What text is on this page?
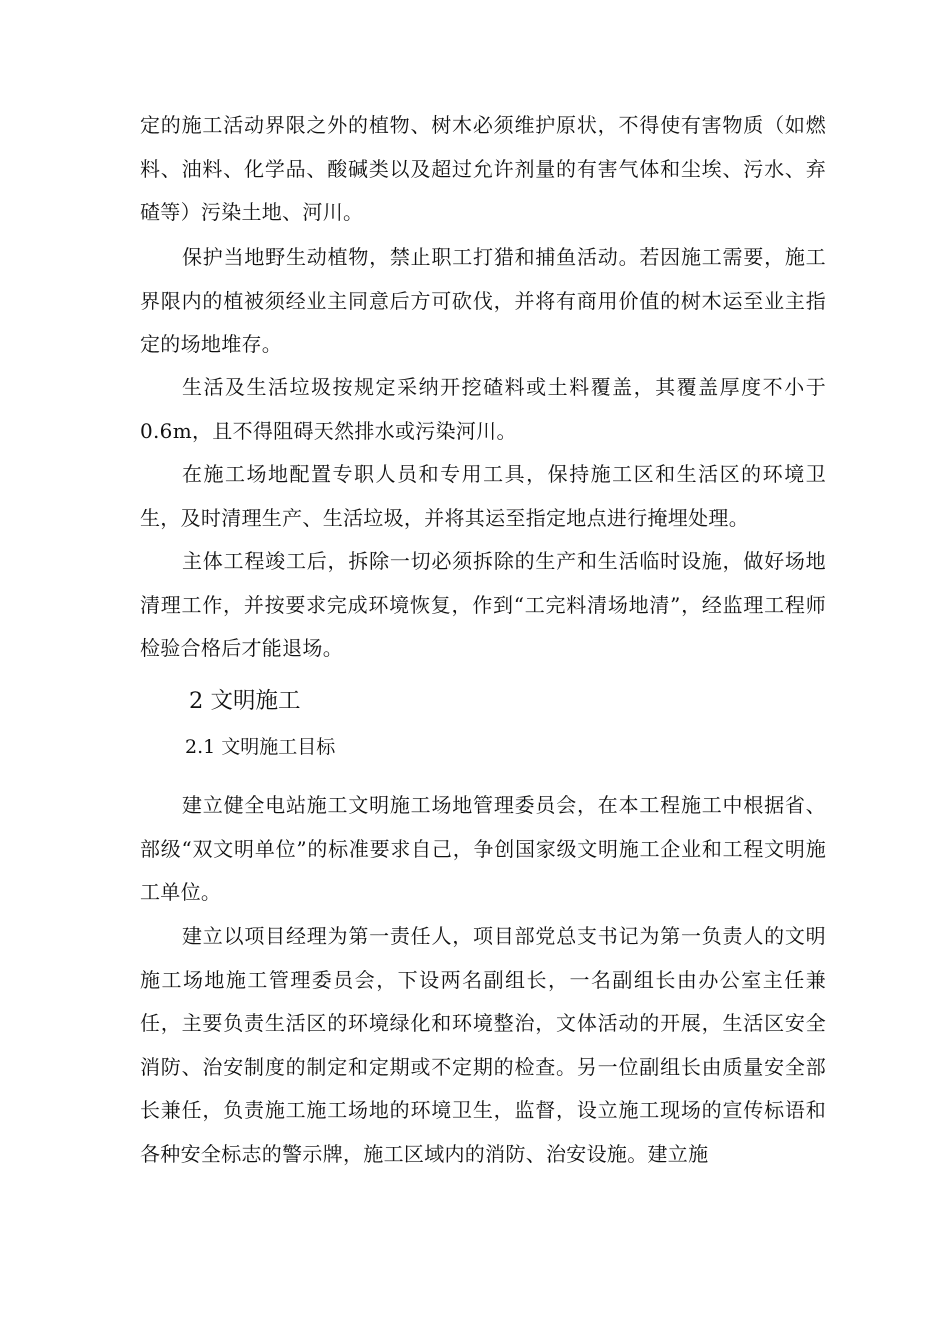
定的施工活动界限之外的植物、树木必须维护原状，不得使有害物质（如燃料、油料、化学品、酸碱类以及超过允许剂量的有害气体和尘埃、污水、弃碴等）污染土地、河川。

保护当地野生动植物，禁止职工打猎和捕鱼活动。若因施工需要，施工界限内的植被须经业主同意后方可砍伐，并将有商用价值的树木运至业主指定的场地堆存。

生活及生活垃圾按规定采纳开挖碴料或土料覆盖，其覆盖厚度不小于0.6m，且不得阻碍天然排水或污染河川。

在施工场地配置专职人员和专用工具，保持施工区和生活区的环境卫生，及时清理生产、生活垃圾，并将其运至指定地点进行掩埋处理。

主体工程竣工后，拆除一切必须拆除的生产和生活临时设施，做好场地清理工作，并按要求完成环境恢复，作到“工完料清场地清”，经监理工程师检验合格后才能退场。

2 文明施工
2.1 文明施工目标

建立健全电站施工文明施工场地管理委员会，在本工程施工中根据省、部级“双文明单位”的标准要求自己，争创国家级文明施工企业和工程文明施工单位。

建立以项目经理为第一责任人，项目部党总支书记为第一负责人的文明施工场地施工管理委员会，下设两名副组长，一名副组长由办公室主任兼任，主要负责生活区的环境绿化和环境整治，文体活动的开展，生活区安全消防、治安制度的制定和定期或不定期的检查。另一位副组长由质量安全部长兼任，负责施工施工场地的环境卫生，监督，设立施工现场的宣传标语和各种安全标志的警示牌，施工区域内的消防、治安设施。建立施
